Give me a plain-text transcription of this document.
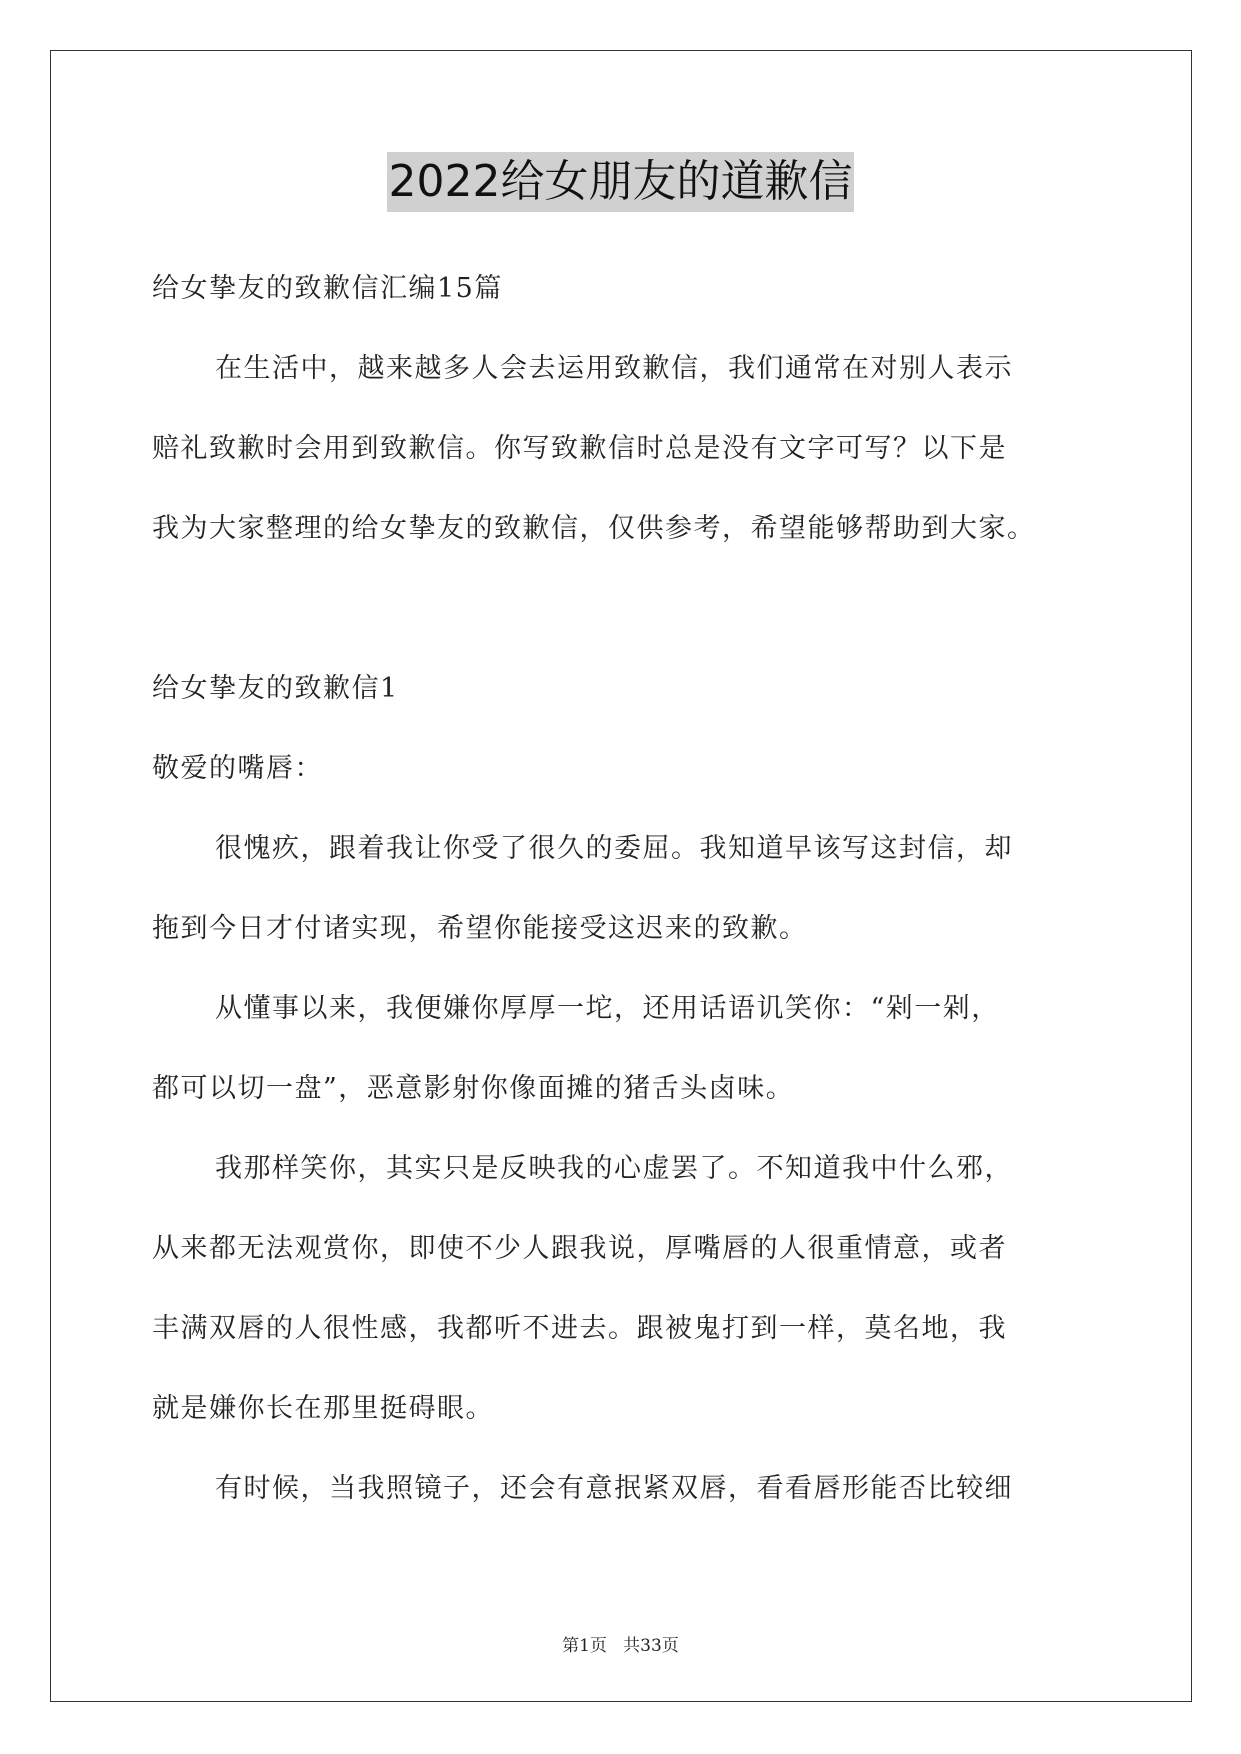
2022给女朋友的道歉信
给女挚友的致歉信汇编15篇
在生活中，越来越多人会去运用致歉信，我们通常在对别人表示
赔礼致歉时会用到致歉信。你写致歉信时总是没有文字可写？以下是
我为大家整理的给女挚友的致歉信，仅供参考，希望能够帮助到大家。
给女挚友的致歉信1
敬爱的嘴唇：
很愧疚，跟着我让你受了很久的委屈。我知道早该写这封信，却
拖到今日才付诸实现，希望你能接受这迟来的致歉。
从懂事以来，我便嫌你厚厚一坨，还用话语讥笑你：“剁一剁，
都可以切一盘”，恶意影射你像面摊的猪舌头卤味。
我那样笑你，其实只是反映我的心虚罢了。不知道我中什么邪，
从来都无法观赏你，即使不少人跟我说，厚嘴唇的人很重情意，或者
丰满双唇的人很性感，我都听不进去。跟被鬼打到一样，莫名地，我
就是嫌你长在那里挺碍眼。
有时候，当我照镜子，还会有意抿紧双唇，看看唇形能否比较细
第1页   共33页
